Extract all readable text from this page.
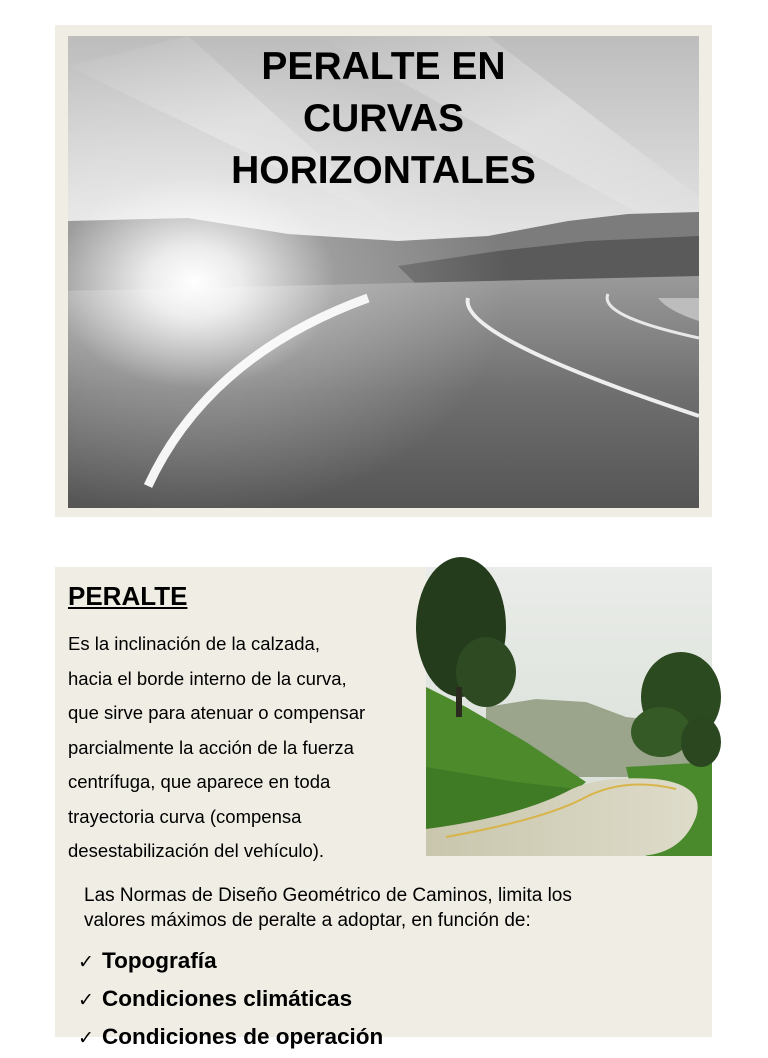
PERALTE EN
CURVAS
HORIZONTALES
PERALTE
Es la inclinación de la calzada,
hacia el borde interno de la curva,
que sirve para atenuar o compensar
parcialmente la acción de la fuerza
centrífuga, que aparece en toda
trayectoria curva (compensa
desestabilización del vehículo).
Las Normas de Diseño Geométrico de Caminos, limita los
valores máximos de peralte a adoptar, en función de:
✓ Topografía
✓ Condiciones climáticas
✓ Condiciones de operación
